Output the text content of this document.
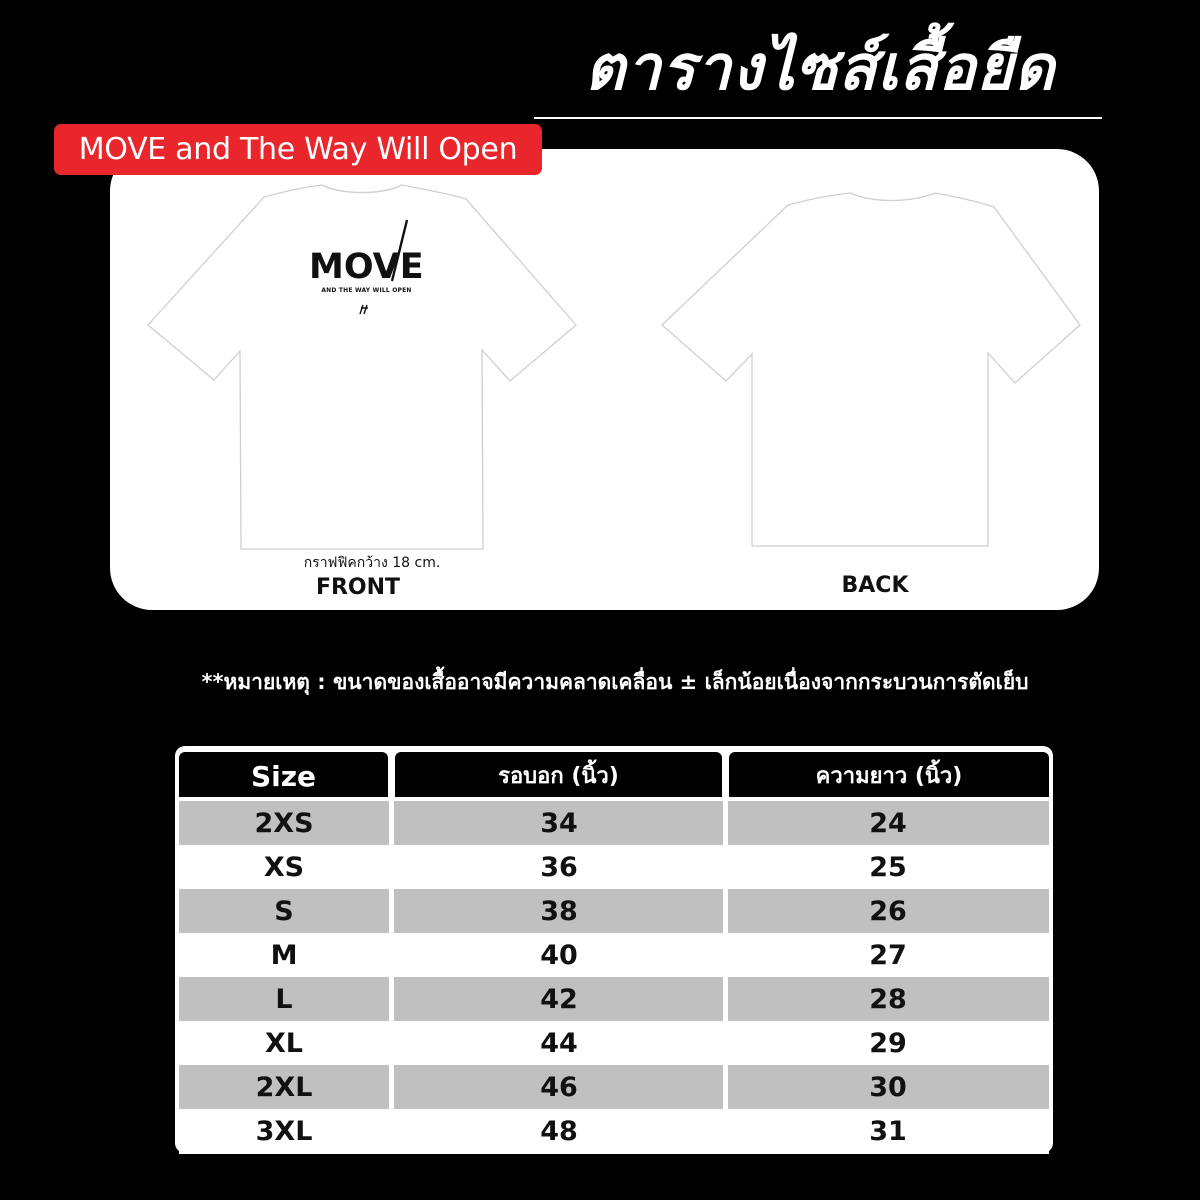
ตารางไซส์เสื้อยืด
MOVE
AND THE WAY WILL OPEN
กราฟฟิคกว้าง 18 cm.
FRONT	BACK
MOVE and The Way Will Open
**หมายเหตุ : ขนาดของเสื้ออาจมีความคลาดเคลื่อน ± เล็กน้อยเนื่องจากกระบวนการตัดเย็บ
2XS	34	24
XS	36	25
S	38	26
M	40	27
L	42	28
XL	44	29
2XL	46	30
3XL	48	31
Size	รอบอก (นิ้ว)	ความยาว (นิ้ว)
